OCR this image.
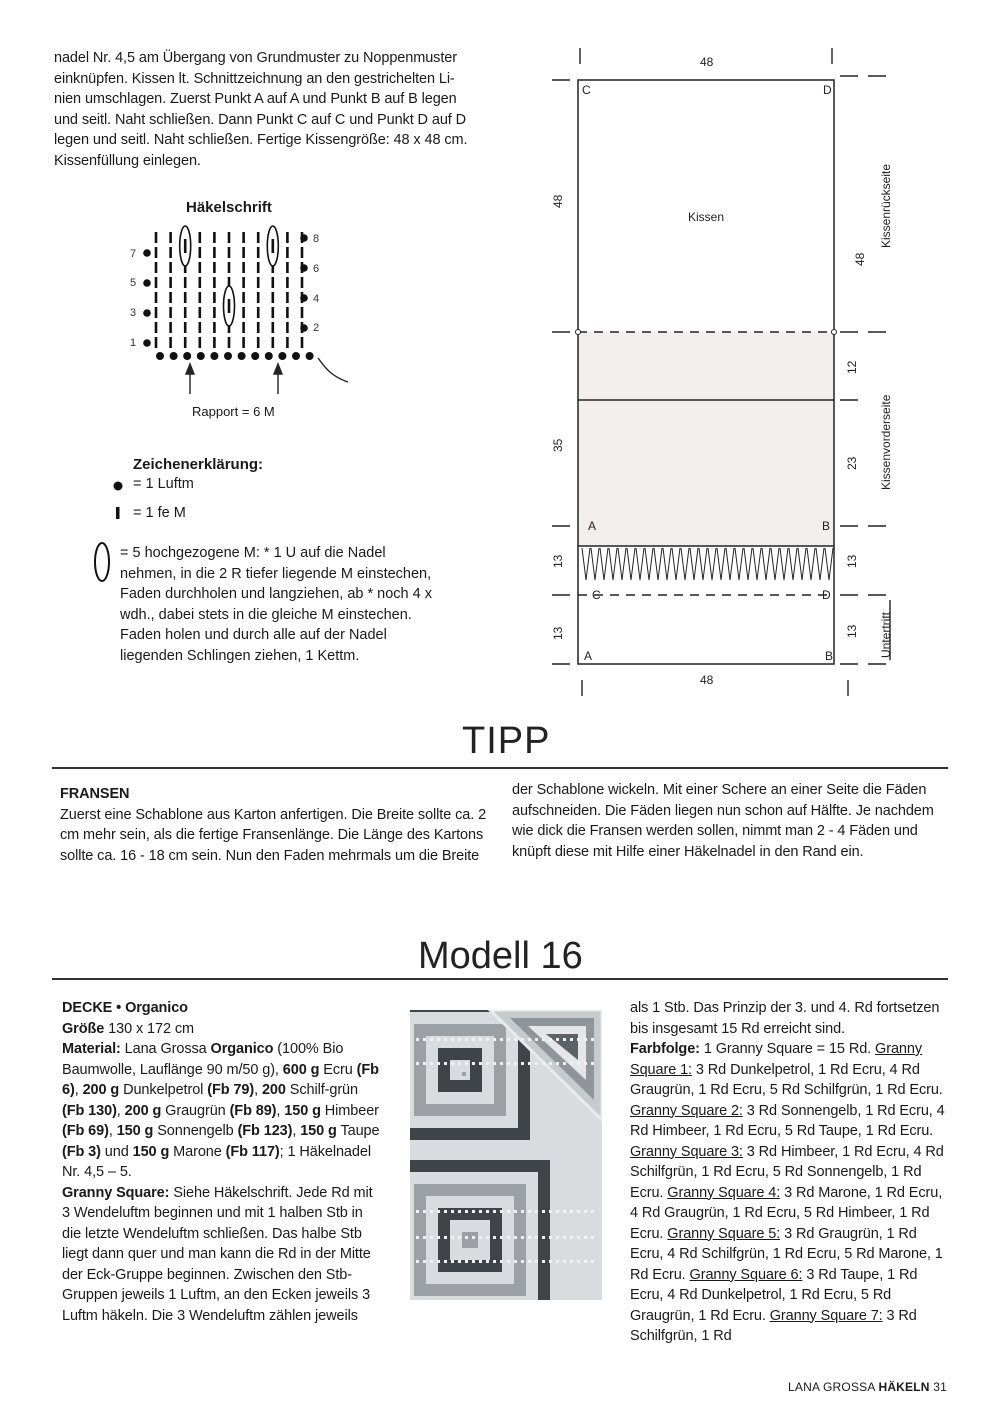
nadel Nr. 4,5 am Übergang von Grundmuster zu Noppenmuster

einknüpfen. Kissen lt. Schnittzeichnung an den gestrichelten Li-

nien umschlagen. Zuerst Punkt A auf A und Punkt B auf B legen

und seitl. Naht schließen. Dann Punkt C auf C und Punkt D auf D

legen und seitl. Naht schließen. Fertige Kissengröße: 48 x 48 cm.

Kissenfüllung einlegen.

Häkelschrift
7
5
3
1
8
6
4
2
Rapport = 6 M
Zeichenerklärung:
= 1 Luftm
= 1 fe M
= 5 hochgezogene M: * 1 U auf die Nadel nehmen, in die 2 R tiefer liegende M einstechen, Faden durchholen und langziehen, ab * noch 4 x wdh., dabei stets in die gleiche M einstechen. Faden holen und durch alle auf der Nadel liegenden Schlingen ziehen, 1 Kettm.
48
48
48
35
13
13
48
12
23
13
13
Kissenrückseite
Kissenvorderseite
Untertritt
Kissen
C	D
A	B
C	D
A	B
TIPP

FRANSEN

Zuerst eine Schablone aus Karton anfertigen. Die Breite sollte ca. 2 cm mehr sein, als die fertige Fransenlänge. Die Länge des Kartons sollte ca. 16 - 18 cm sein. Nun den Faden mehrmals um die Breite

der Schablone wickeln. Mit einer Schere an einer Seite die Fäden aufschneiden. Die Fäden liegen nun schon auf Hälfte. Je nachdem wie dick die Fransen werden sollen, nimmt man 2 - 4 Fäden und knüpft diese mit Hilfe einer Häkelnadel in den Rand ein.
Modell 16

DECKE • Organico

Größe 130 x 172 cm

Material: Lana Grossa Organico (100% Bio Baumwolle, Lauflänge 90 m/50 g), 600 g Ecru (Fb 6), 200 g Dunkelpetrol (Fb 79), 200 Schilf-grün (Fb 130), 200 g Graugrün (Fb 89), 150 g Himbeer (Fb 69), 150 g Sonnengelb (Fb 123), 150 g Taupe (Fb 3) und 150 g Marone (Fb 117); 1 Häkelnadel Nr. 4,5 – 5.

Granny Square: Siehe Häkelschrift. Jede Rd mit 3 Wendeluftm beginnen und mit 1 halben Stb in die letzte Wendeluftm schließen. Das halbe Stb liegt dann quer und man kann die Rd in der Mitte der Eck-Gruppe beginnen. Zwischen den Stb-Gruppen jeweils 1 Luftm, an den Ecken jeweils 3 Luftm häkeln. Die 3 Wendeluftm zählen jeweils

als 1 Stb. Das Prinzip der 3. und 4. Rd fortsetzen bis insgesamt 15 Rd erreicht sind.

Farbfolge: 1 Granny Square = 15 Rd. Granny Square 1: 3 Rd Dunkelpetrol, 1 Rd Ecru, 4 Rd Graugrün, 1 Rd Ecru, 5 Rd Schilfgrün, 1 Rd Ecru. Granny Square 2: 3 Rd Sonnengelb, 1 Rd Ecru, 4 Rd Himbeer, 1 Rd Ecru, 5 Rd Taupe, 1 Rd Ecru. Granny Square 3: 3 Rd Himbeer, 1 Rd Ecru, 4 Rd Schilfgrün, 1 Rd Ecru, 5 Rd Sonnengelb, 1 Rd Ecru. Granny Square 4: 3 Rd Marone, 1 Rd Ecru, 4 Rd Graugrün, 1 Rd Ecru, 5 Rd Himbeer, 1 Rd Ecru. Granny Square 5: 3 Rd Graugrün, 1 Rd Ecru, 4 Rd Schilfgrün, 1 Rd Ecru, 5 Rd Marone, 1 Rd Ecru. Granny Square 6: 3 Rd Taupe, 1 Rd Ecru, 4 Rd Dunkelpetrol, 1 Rd Ecru, 5 Rd Graugrün, 1 Rd Ecru. Granny Square 7: 3 Rd Schilfgrün, 1 Rd

LANA GROSSA HÄKELN 31
